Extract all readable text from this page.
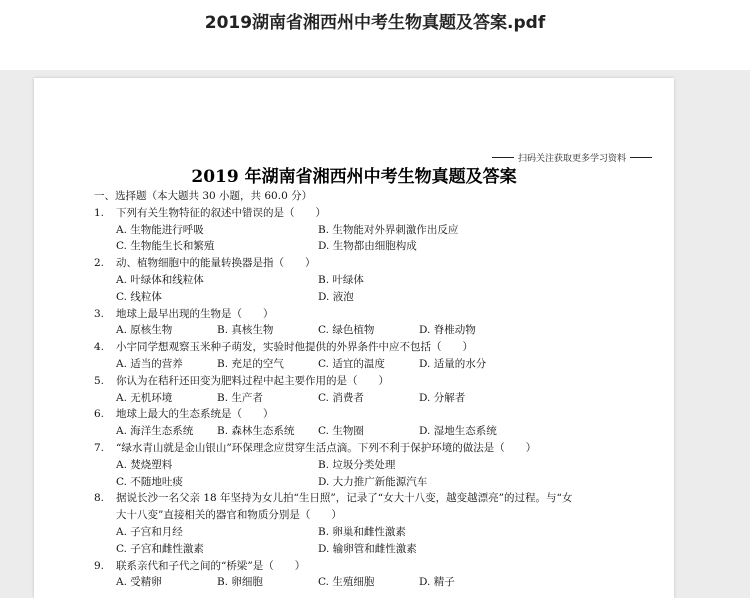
2019湖南省湘西州中考生物真题及答案.pdf
扫码关注获取更多学习资料
2019 年湖南省湘西州中考生物真题及答案
一、选择题（本大题共 30 小题，共 60.0 分）
1. 下列有关生物特征的叙述中错误的是（　　）
A. 生物能进行呼吸	B. 生物能对外界刺激作出反应
C. 生物能生长和繁殖	D. 生物都由细胞构成
2. 动、植物细胞中的能量转换器是指（　　）
A. 叶绿体和线粒体	B. 叶绿体
C. 线粒体	D. 液泡
3. 地球上最早出现的生物是（　　）
A. 原核生物	B. 真核生物	C. 绿色植物	D. 脊椎动物
4. 小宇同学想观察玉米种子萌发，实验时他提供的外界条件中应不包括（　　）
A. 适当的营养	B. 充足的空气	C. 适宜的温度	D. 适量的水分
5. 你认为在秸秆还田变为肥料过程中起主要作用的是（　　）
A. 无机环境	B. 生产者	C. 消费者	D. 分解者
6. 地球上最大的生态系统是（　　）
A. 海洋生态系统 B. 森林生态系统 C. 生物圈	D. 湿地生态系统
7. “绿水青山就是金山银山”环保理念应贯穿生活点滴。下列不利于保护环境的做法是（　　）
A. 焚烧塑料	B. 垃圾分类处理
C. 不随地吐痰	D. 大力推广新能源汽车
8. 据说长沙一名父亲 18 年坚持为女儿拍“生日照”，记录了“女大十八变，越变越漂亮”的过程。与“女
大十八变”直接相关的器官和物质分别是（　　）
A. 子宫和月经	B. 卵巢和雌性激素
C. 子宫和雌性激素	D. 输卵管和雌性激素
9. 联系亲代和子代之间的“桥梁”是（　　）
A. 受精卵	B. 卵细胞	C. 生殖细胞	D. 精子
